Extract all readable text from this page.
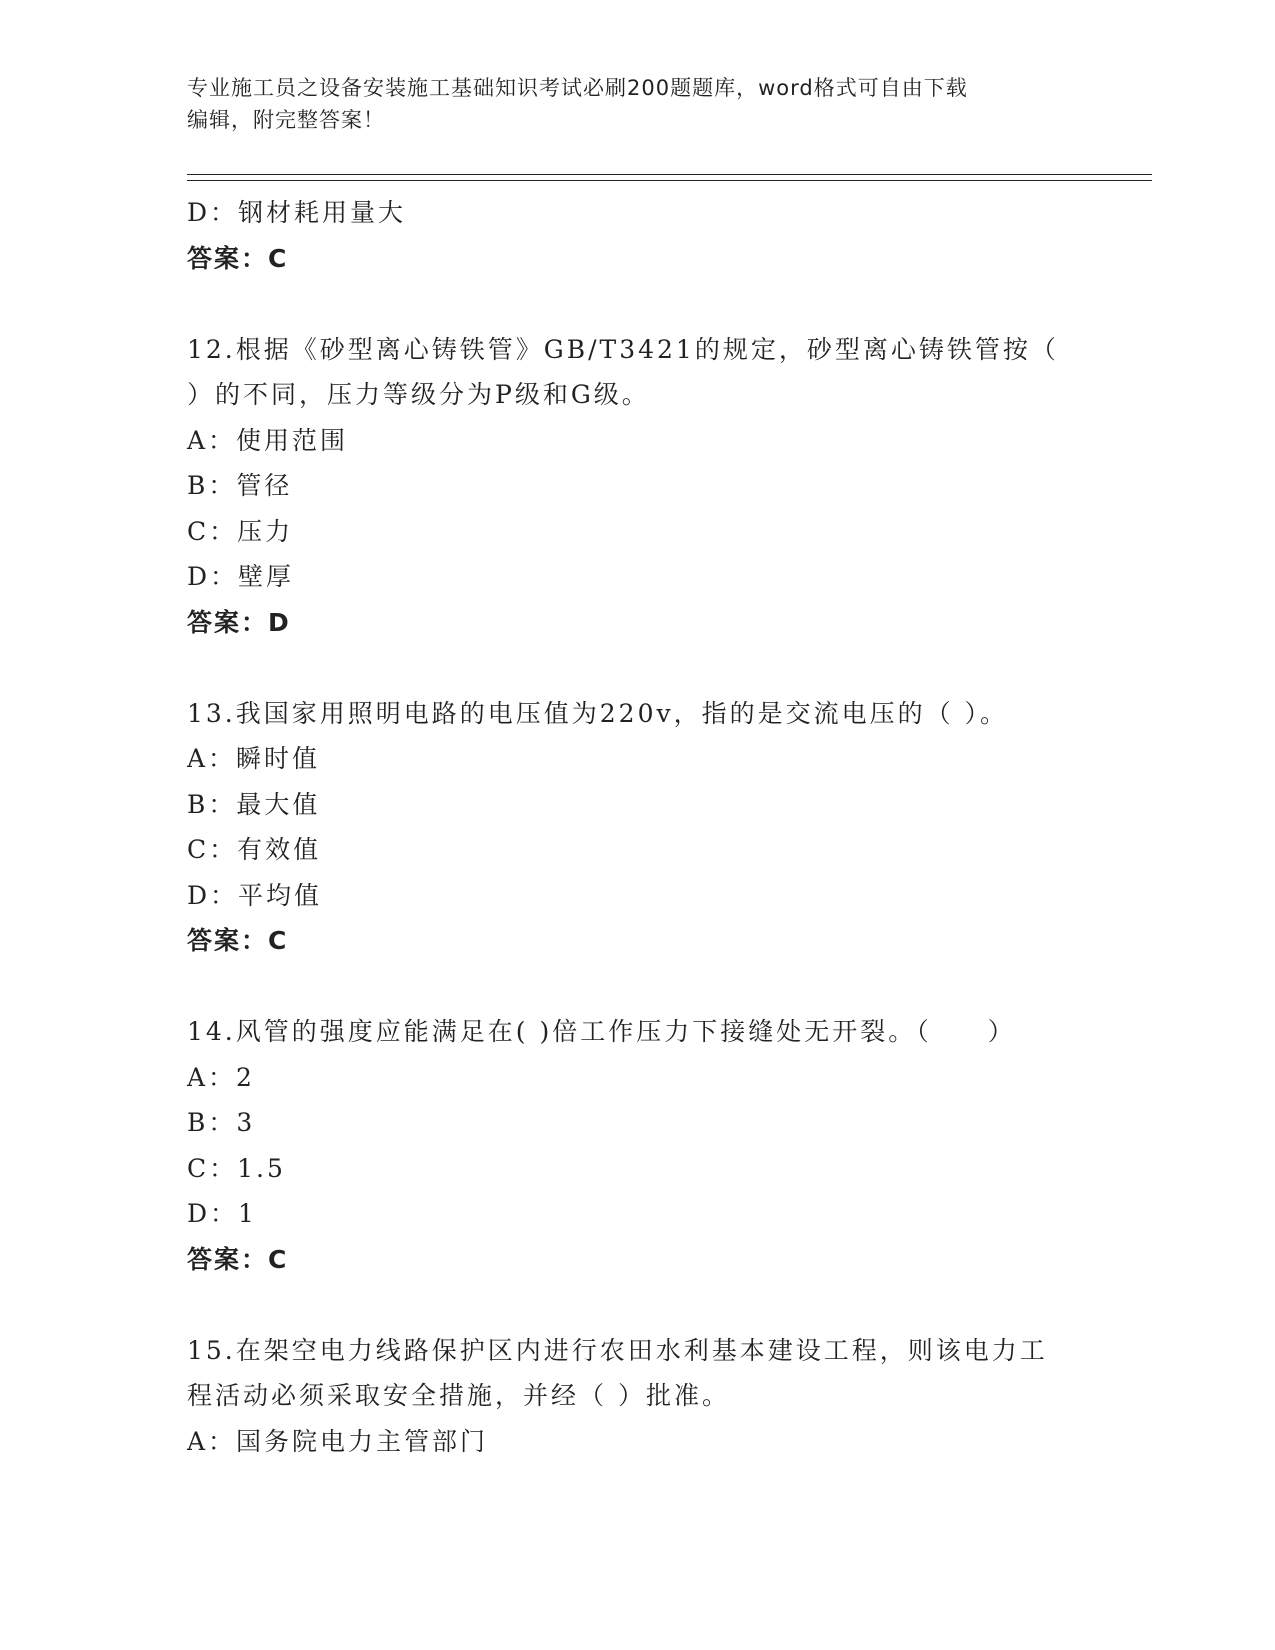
专业施工员之设备安装施工基础知识考试必刷200题题库，word格式可自由下载
编辑，附完整答案！
D：钢材耗用量大
答案：C
12.根据《砂型离心铸铁管》GB/T3421的规定，砂型离心铸铁管按（
）的不同，压力等级分为P级和G级。
A：使用范围
B：管径
C：压力
D：壁厚
答案：D
13.我国家用照明电路的电压值为220v，指的是交流电压的（ ）。
A：瞬时值
B：最大值
C：有效值
D：平均值
答案：C
14.风管的强度应能满足在( )倍工作压力下接缝处无开裂。（　　）
A：2
B：3
C：1.5
D：1
答案：C
15.在架空电力线路保护区内进行农田水利基本建设工程，则该电力工
程活动必须采取安全措施，并经（ ）批准。
A：国务院电力主管部门
